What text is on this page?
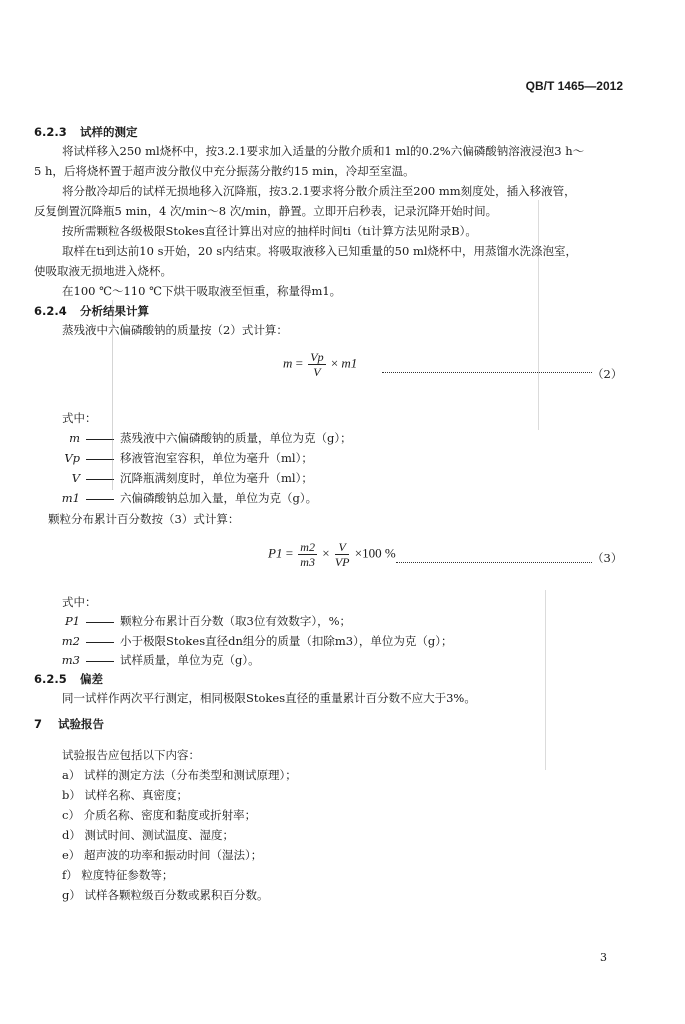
QB/T 1465—2012
6.2.3 试样的测定
将试样移入250 ml烧杯中，按3.2.1要求加入适量的分散介质和1 ml的0.2%六偏磷酸钠溶液浸泡3 h～
5 h，后将烧杯置于超声波分散仪中充分振荡分散约15 min，冷却至室温。
将分散冷却后的试样无损地移入沉降瓶，按3.2.1要求将分散介质注至200 mm刻度处，插入移液管，
反复倒置沉降瓶5 min，4 次/min～8 次/min，静置。立即开启秒表，记录沉降开始时间。
按所需颗粒各级极限Stokes直径计算出对应的抽样时间ti（ti计算方法见附录B）。
取样在ti到达前10 s开始，20 s内结束。将吸取液移入已知重量的50 ml烧杯中，用蒸馏水洗涤泡室，
使吸取液无损地进入烧杯。
在100 ℃～110 ℃下烘干吸取液至恒重，称量得m1。
6.2.4 分析结果计算
蒸残液中六偏磷酸钠的质量按（2）式计算：
$m = \frac{Vp}{V} \times m1$
（2）
式中：
m	蒸残液中六偏磷酸钠的质量，单位为克（g）；
Vp	移液管泡室容积，单位为毫升（ml）；
V	沉降瓶满刻度时，单位为毫升（ml）；
m1	六偏磷酸钠总加入量，单位为克（g）。
颗粒分布累计百分数按（3）式计算：
$P1 = \frac{m2}{m3} \times \frac{V}{VP} \times 100$ %	（3）
式中：
P1	颗粒分布累计百分数（取3位有效数字），%；
m2	小于极限Stokes直径dn组分的质量（扣除m3），单位为克（g）；
m3	试样质量，单位为克（g）。
6.2.5 偏差
同一试样作两次平行测定，相同极限Stokes直径的重量累计百分数不应大于3%。
7 试验报告
试验报告应包括以下内容：
a） 试样的测定方法（分布类型和测试原理）；
b） 试样名称、真密度；
c） 介质名称、密度和黏度或折射率；
d） 测试时间、测试温度、湿度；
e） 超声波的功率和振动时间（湿法）；
f） 粒度特征参数等；
g） 试样各颗粒级百分数或累积百分数。
3
